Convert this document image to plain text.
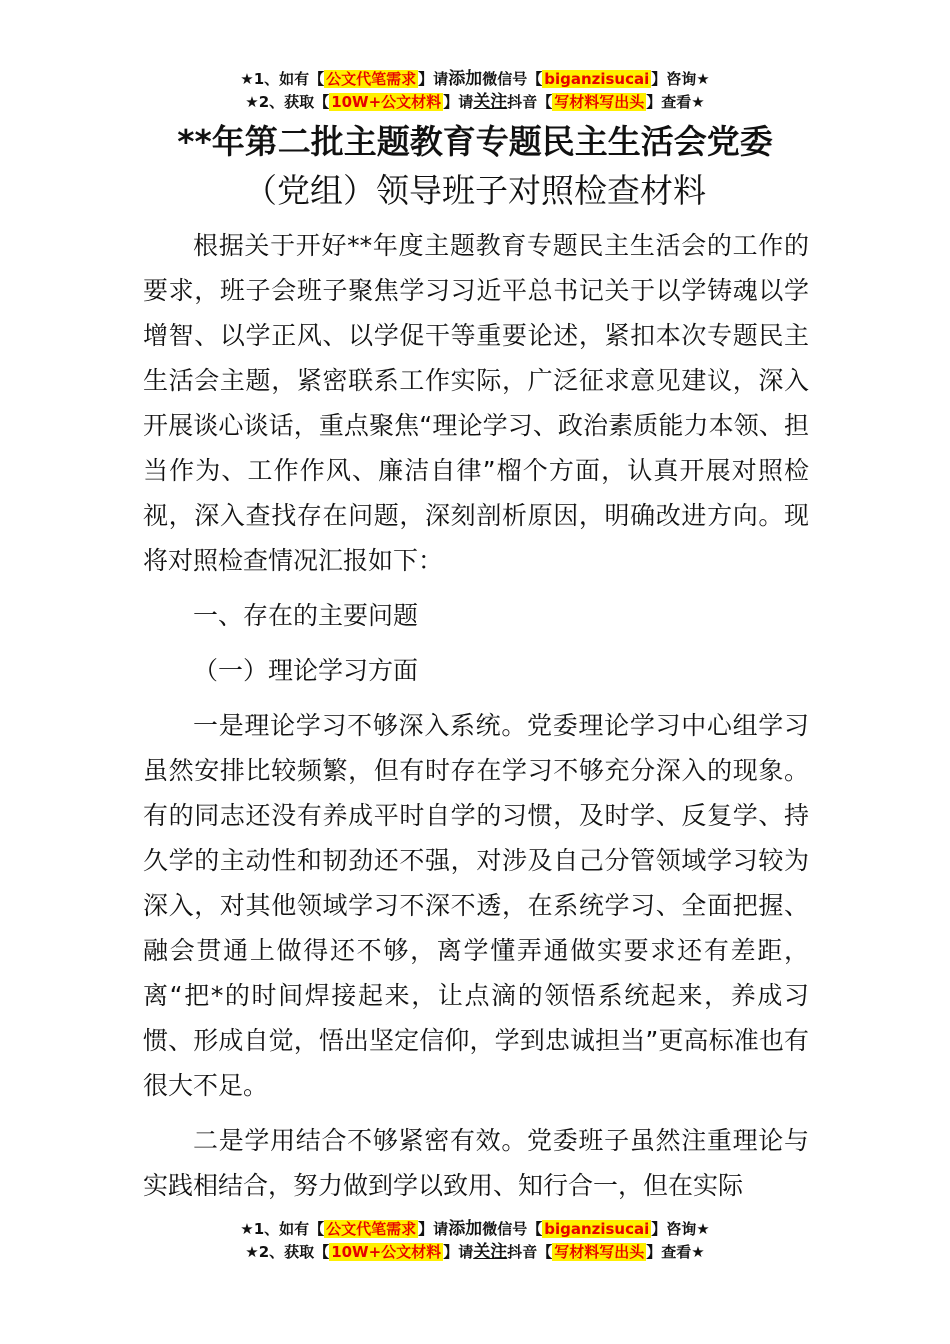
★1、如有【 公文代笔需求 】请添加微信号【 biganzisucai 】咨询★
★2、获取【 10W+公文材料 】请关注抖音【 写材料写出头 】查看★
**年第二批主题教育专题民主生活会党委
（党组）领导班子对照检查材料

根据关于开好**年度主题教育专题民主生活会的工作的要求，班子会班子聚焦学习习近平总书记关于以学铸魂以学增智、以学正风、以学促干等重要论述，紧扣本次专题民主生活会主题，紧密联系工作实际，广泛征求意见建议，深入开展谈心谈话，重点聚焦“理论学习、政治素质能力本领、担当作为、工作作风、廉洁自律”榴个方面，认真开展对照检视，深入查找存在问题，深刻剖析原因，明确改进方向。现将对照检查情况汇报如下：

一、存在的主要问题

（一）理论学习方面

一是理论学习不够深入系统。党委理论学习中心组学习虽然安排比较频繁，但有时存在学习不够充分深入的现象。有的同志还没有养成平时自学的习惯，及时学、反复学、持久学的主动性和韧劲还不强，对涉及自己分管领域学习较为深入，对其他领域学习不深不透，在系统学习、全面把握、融会贯通上做得还不够，离学懂弄通做实要求还有差距，离“把*的时间焊接起来，让点滴的领悟系统起来，养成习惯、形成自觉，悟出坚定信仰，学到忠诚担当”更高标准也有很大不足。

二是学用结合不够紧密有效。党委班子虽然注重理论与实践相结合，努力做到学以致用、知行合一，但在实际

★1、如有【 公文代笔需求 】请添加微信号【 biganzisucai 】咨询★
★2、获取【 10W+公文材料 】请关注抖音【 写材料写出头 】查看★
